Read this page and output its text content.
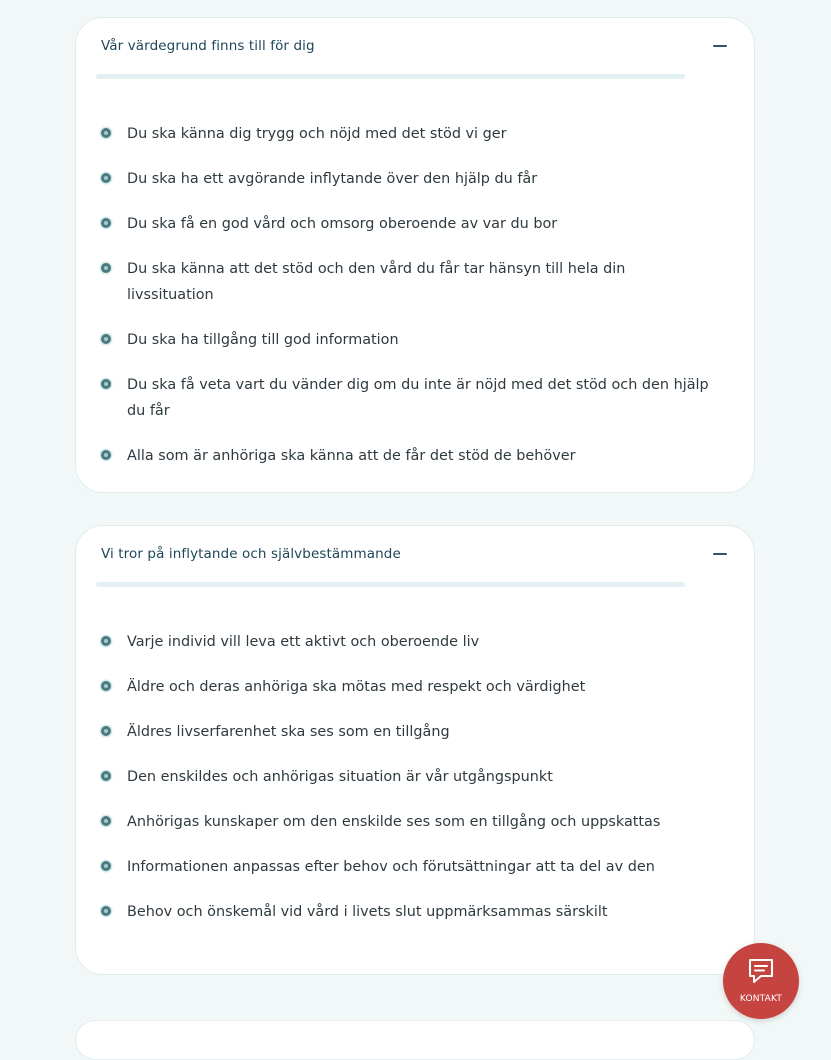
Vår värdegrund finns till för dig
Du ska känna dig trygg och nöjd med det stöd vi ger
Du ska ha ett avgörande inflytande över den hjälp du får
Du ska få en god vård och omsorg oberoende av var du bor
Du ska känna att det stöd och den vård du får tar hänsyn till hela din livssituation
Du ska ha tillgång till god information
Du ska få veta vart du vänder dig om du inte är nöjd med det stöd och den hjälp du får
Alla som är anhöriga ska känna att de får det stöd de behöver
Vi tror på inflytande och självbestämmande
Varje individ vill leva ett aktivt och oberoende liv
Äldre och deras anhöriga ska mötas med respekt och värdighet
Äldres livserfarenhet ska ses som en tillgång
Den enskildes och anhörigas situation är vår utgångspunkt
Anhörigas kunskaper om den enskilde ses som en tillgång och uppskattas
Informationen anpassas efter behov och förutsättningar att ta del av den
Behov och önskemål vid vård i livets slut uppmärksammas särskilt
KONTAKT
